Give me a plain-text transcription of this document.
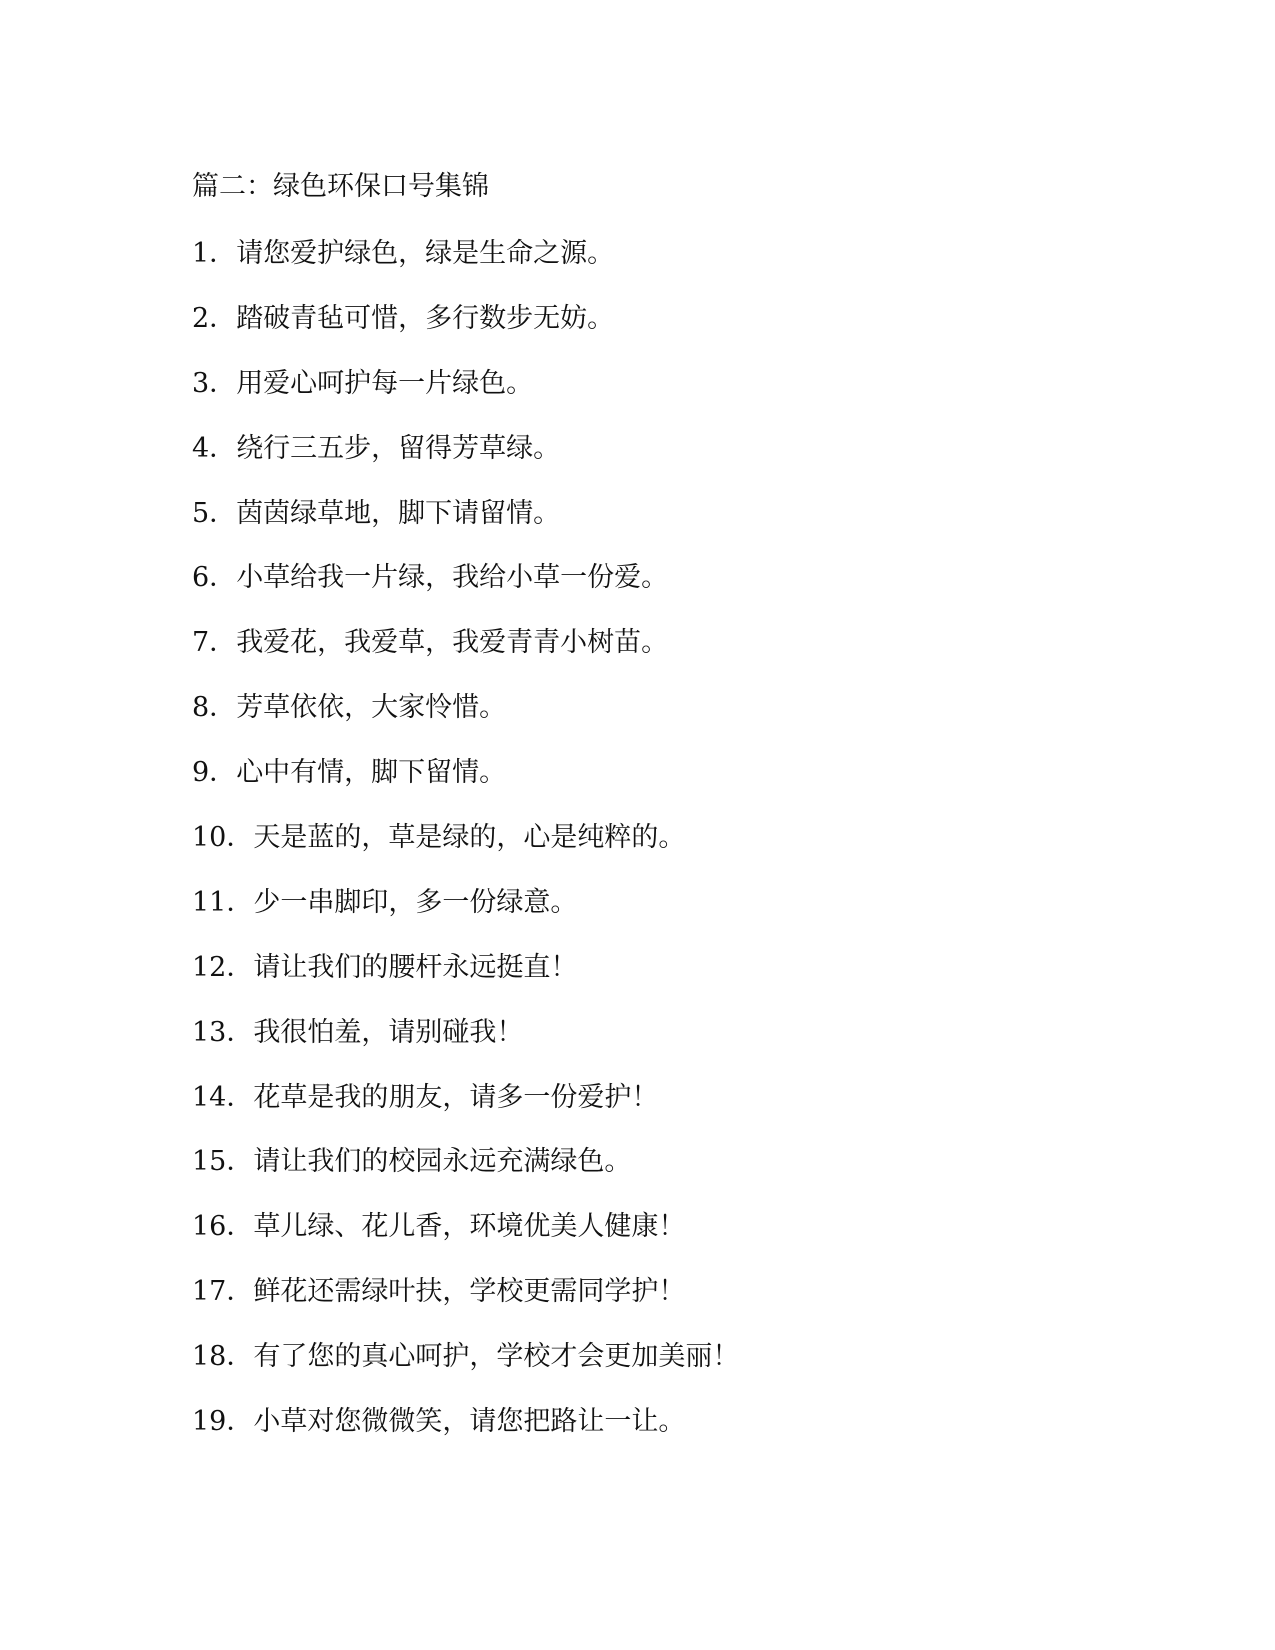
篇二：绿色环保口号集锦
1．请您爱护绿色，绿是生命之源。
2．踏破青毡可惜，多行数步无妨。
3．用爱心呵护每一片绿色。
4．绕行三五步，留得芳草绿。
5．茵茵绿草地，脚下请留情。
6．小草给我一片绿，我给小草一份爱。
7．我爱花，我爱草，我爱青青小树苗。
8．芳草依依，大家怜惜。
9．心中有情，脚下留情。
10．天是蓝的，草是绿的，心是纯粹的。
11．少一串脚印，多一份绿意。
12．请让我们的腰杆永远挺直！
13．我很怕羞，请别碰我！
14．花草是我的朋友，请多一份爱护！
15．请让我们的校园永远充满绿色。
16．草儿绿、花儿香，环境优美人健康！
17．鲜花还需绿叶扶，学校更需同学护！
18．有了您的真心呵护，学校才会更加美丽！
19．小草对您微微笑，请您把路让一让。
